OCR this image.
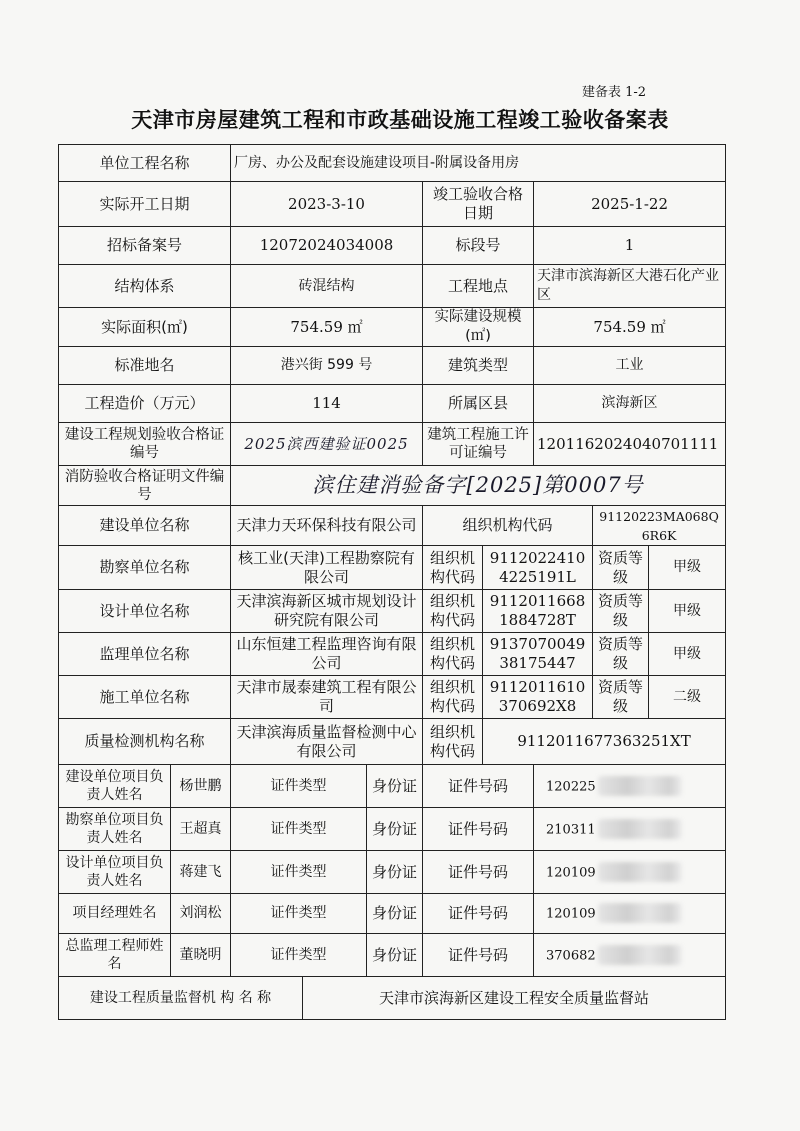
建备表 1-2
天津市房屋建筑工程和市政基础设施工程竣工验收备案表
单位工程名称		厂房、办公及配套设施建设项目-附属设备用房							
实际开工日期		2023-3-10			竣工验收合格日期		2025-1-22		
招标备案号		12072024034008			标段号		1		
结构体系		砖混结构			工程地点		天津市滨海新区大港石化产业区		
实际面积(㎡)		754.59 ㎡			实际建设规模(㎡)		754.59 ㎡		
标准地名		港兴街 599 号			建筑类型		工业		
工程造价（万元）		114			所属区县		滨海新区		
建设工程规划验收合格证编号		2025滨西建验证0025			建筑工程施工许可证编号		1201162024040701111		
消防验收合格证明文件编号		滨住建消验备字[2025]第0007号							
建设单位名称		天津力天环保科技有限公司			组织机构代码			91120223MA068Q6R6K	
勘察单位名称		核工业(天津)工程勘察院有限公司			组织机构代码	91120224104225191L		资质等级	甲级
设计单位名称		天津滨海新区城市规划设计研究院有限公司			组织机构代码	91120116681884728T		资质等级	甲级
监理单位名称		山东恒建工程监理咨询有限公司			组织机构代码	913707004938175447		资质等级	甲级
施工单位名称		天津市晟泰建筑工程有限公司			组织机构代码	9112011610370692X8		资质等级	二级
质量检测机构名称		天津滨海质量监督检测中心有限公司			组织机构代码	9112011677363251XT			
建设单位项目负责人姓名	杨世鹏	证件类型		身份证	证件号码		120225		
勘察单位项目负责人姓名	王超真	证件类型		身份证	证件号码		210311		
设计单位项目负责人姓名	蒋建飞	证件类型		身份证	证件号码		120109		
项目经理姓名	刘润松	证件类型		身份证	证件号码		120109		
总监理工程师姓名	董晓明	证件类型		身份证	证件号码		370682		
建设工程质量监督机 构 名 称			天津市滨海新区建设工程安全质量监督站						
